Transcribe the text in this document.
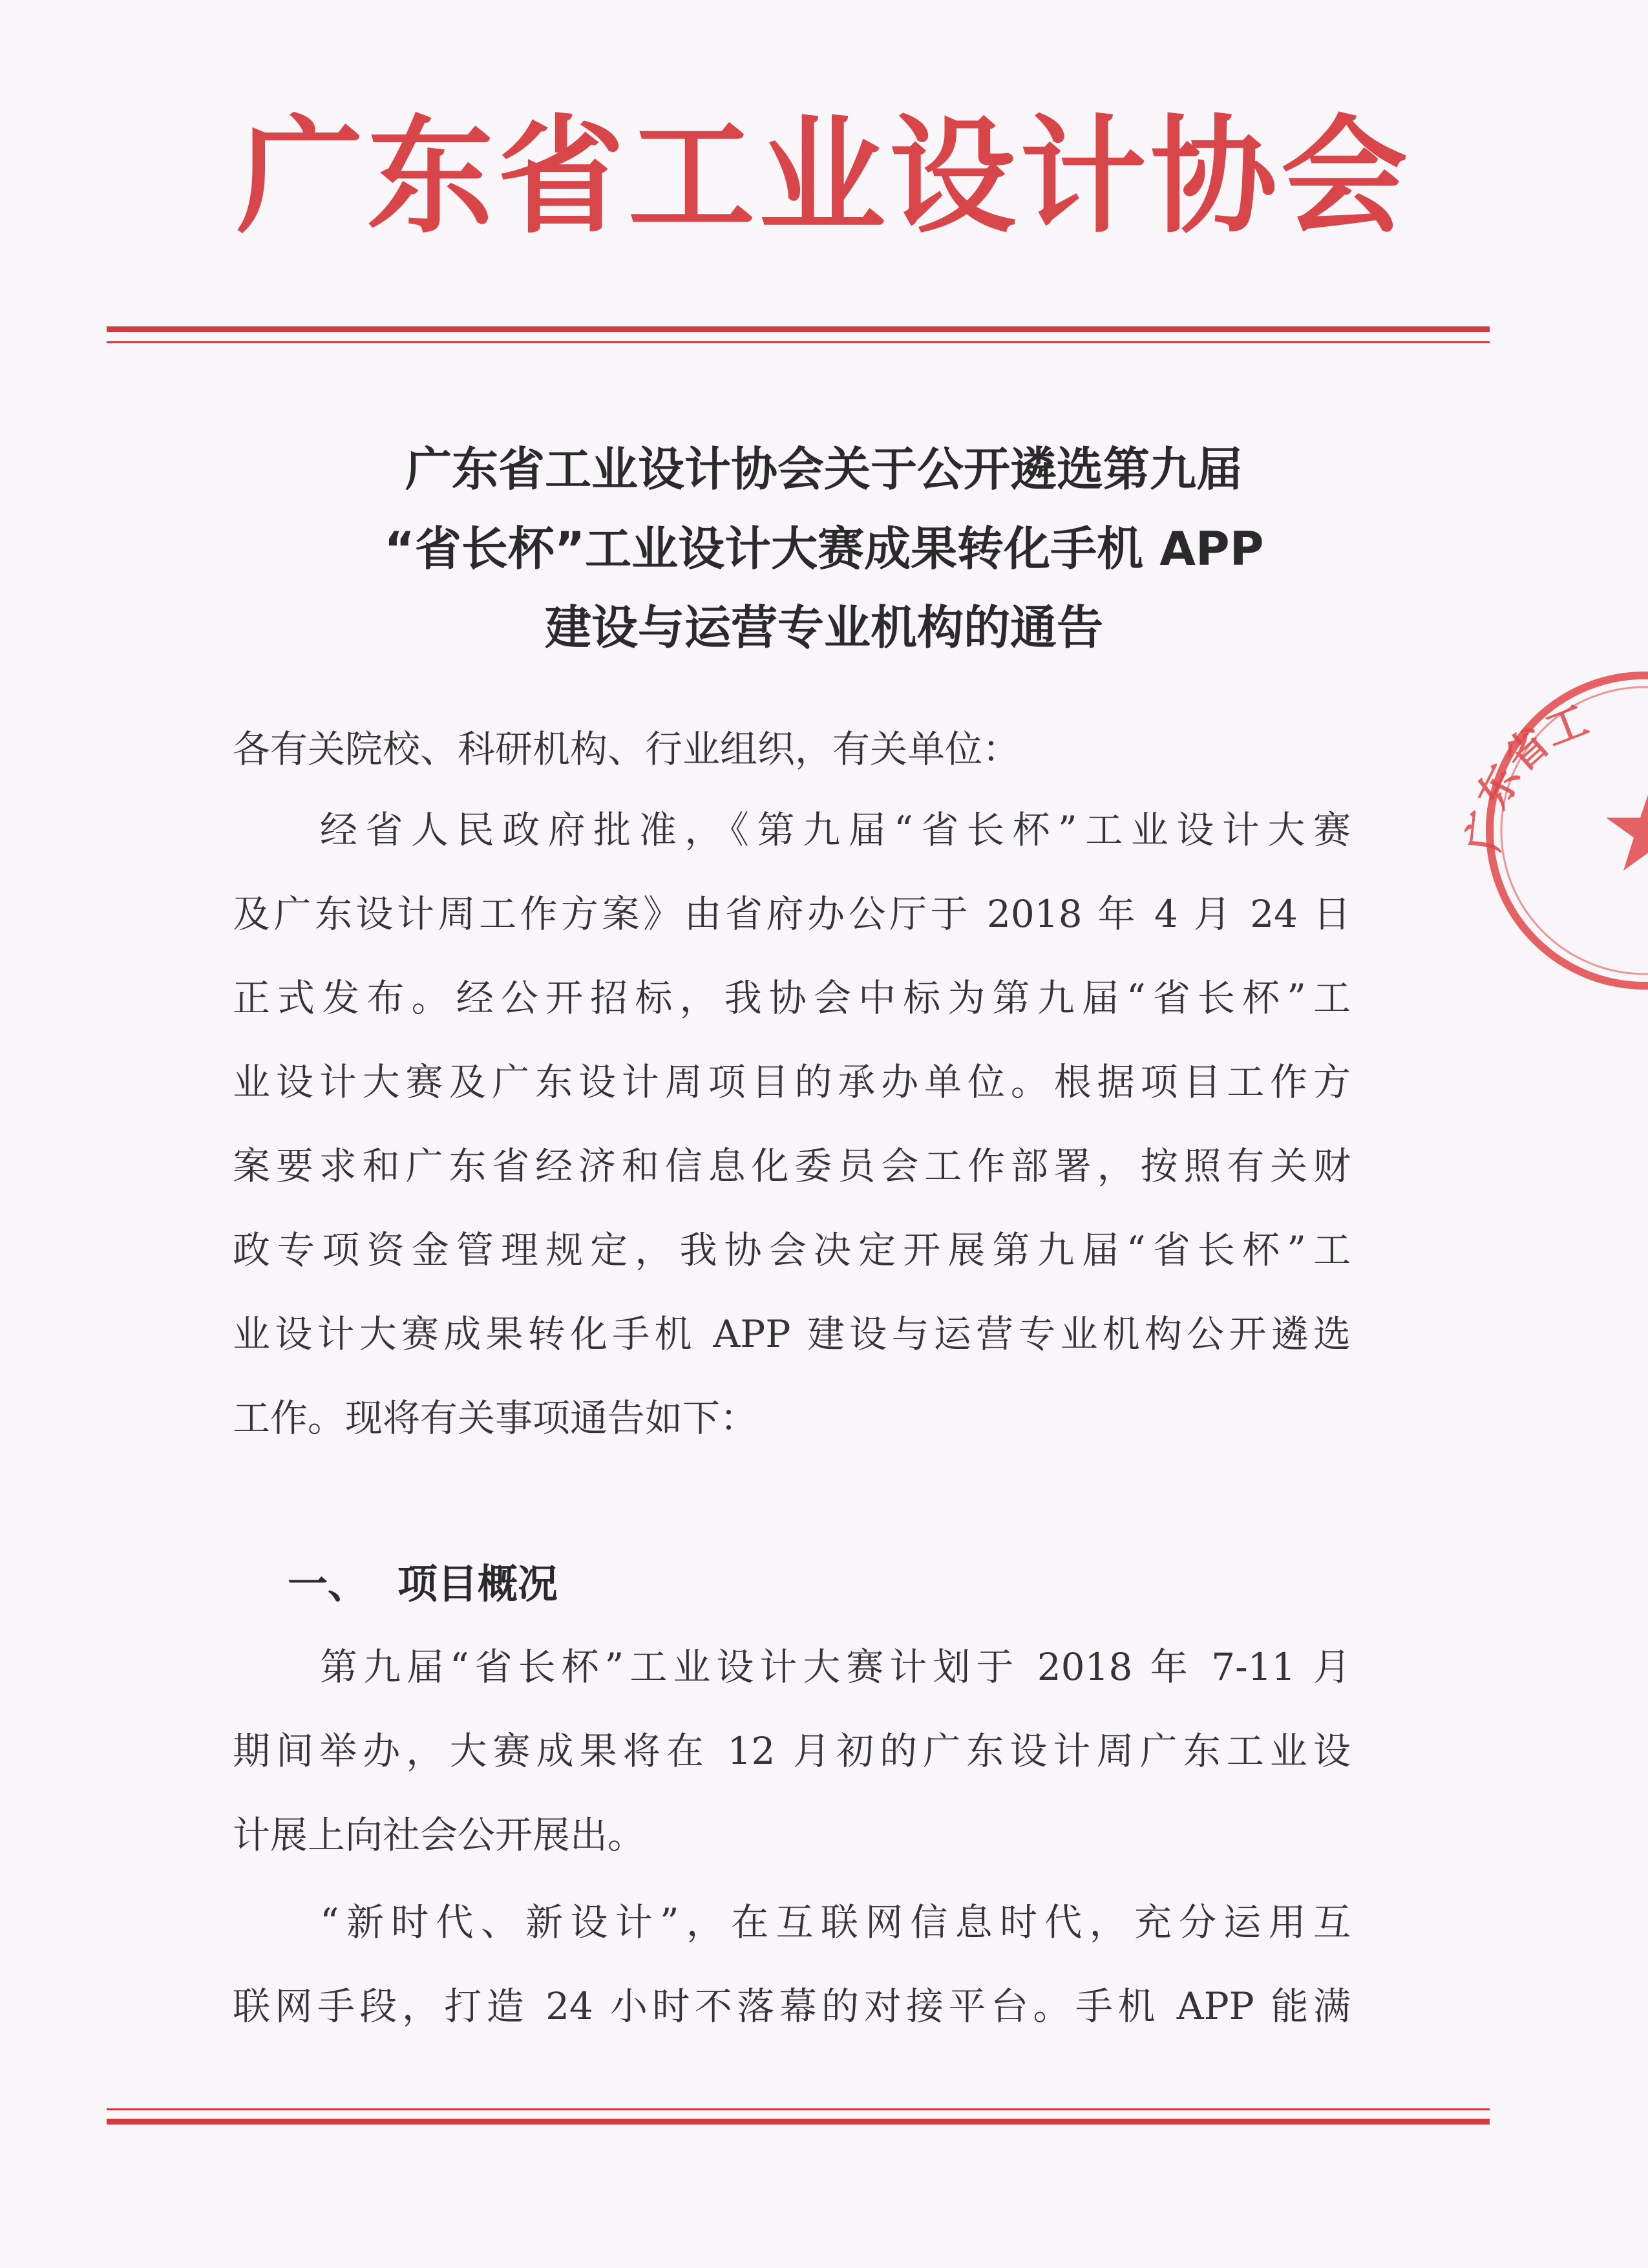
广东省工业设计协会
广东省工业设计协会关于公开遴选第九届
“省长杯”工业设计大赛成果转化手机 APP
建设与运营专业机构的通告
各有关院校、科研机构、行业组织，有关单位：
经省人民政府批准，《第九届“省长杯”工业设计大赛
及广东设计周工作方案》由省府办公厅于 2018 年 4 月 24 日
正式发布。经公开招标，我协会中标为第九届“省长杯”工
业设计大赛及广东设计周项目的承办单位。根据项目工作方
案要求和广东省经济和信息化委员会工作部署，按照有关财
政专项资金管理规定，我协会决定开展第九届“省长杯”工
业设计大赛成果转化手机 APP 建设与运营专业机构公开遴选
工作。现将有关事项通告如下：
一、 项目概况
第九届“省长杯”工业设计大赛计划于 2018 年 7-11 月
期间举办，大赛成果将在 12 月初的广东设计周广东工业设
计展上向社会公开展出。
“新时代、新设计”，在互联网信息时代，充分运用互
联网手段，打造 24 小时不落幕的对接平台。手机 APP 能满
广东省工
